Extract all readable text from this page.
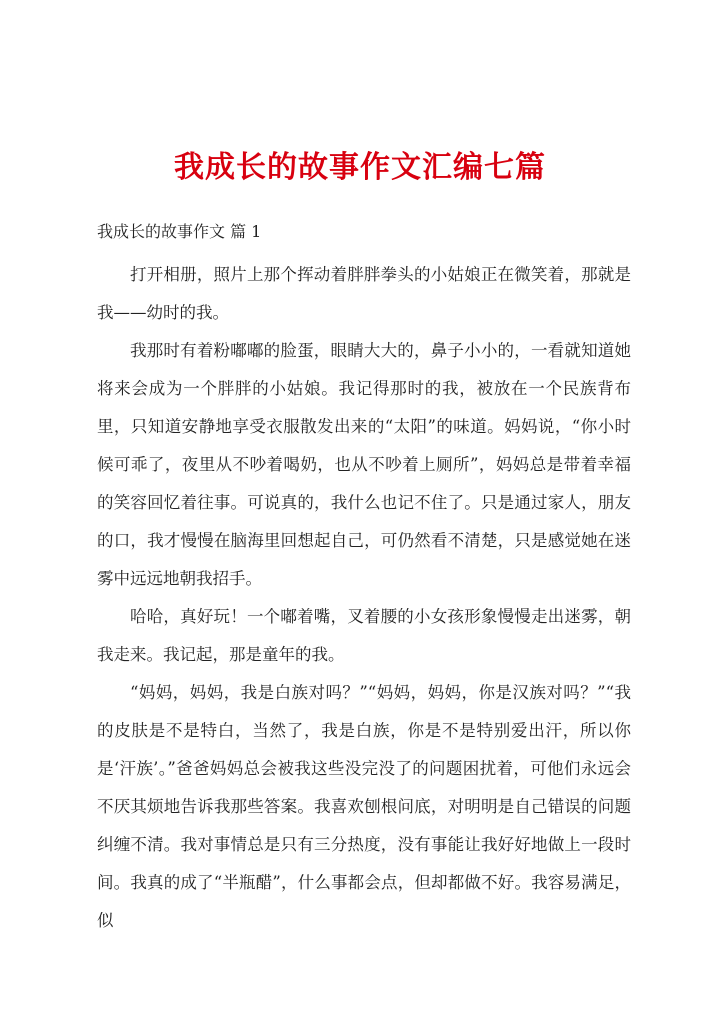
我成长的故事作文汇编七篇
我成长的故事作文 篇 1

打开相册，照片上那个挥动着胖胖拳头的小姑娘正在微笑着，那就是我——幼时的我。

我那时有着粉嘟嘟的脸蛋，眼睛大大的，鼻子小小的，一看就知道她将来会成为一个胖胖的小姑娘。我记得那时的我，被放在一个民族背布里，只知道安静地享受衣服散发出来的“太阳”的味道。妈妈说，“你小时候可乖了，夜里从不吵着喝奶，也从不吵着上厕所”，妈妈总是带着幸福的笑容回忆着往事。可说真的，我什么也记不住了。只是通过家人，朋友的口，我才慢慢在脑海里回想起自己，可仍然看不清楚，只是感觉她在迷雾中远远地朝我招手。

哈哈，真好玩！一个嘟着嘴，叉着腰的小女孩形象慢慢走出迷雾，朝我走来。我记起，那是童年的我。

“妈妈，妈妈，我是白族对吗？”“妈妈，妈妈，你是汉族对吗？”“我的皮肤是不是特白，当然了，我是白族，你是不是特别爱出汗，所以你是‘汗族’。”爸爸妈妈总会被我这些没完没了的问题困扰着，可他们永远会不厌其烦地告诉我那些答案。我喜欢刨根问底，对明明是自己错误的问题纠缠不清。我对事情总是只有三分热度，没有事能让我好好地做上一段时间。我真的成了“半瓶醋”，什么事都会点，但却都做不好。我容易满足，似
